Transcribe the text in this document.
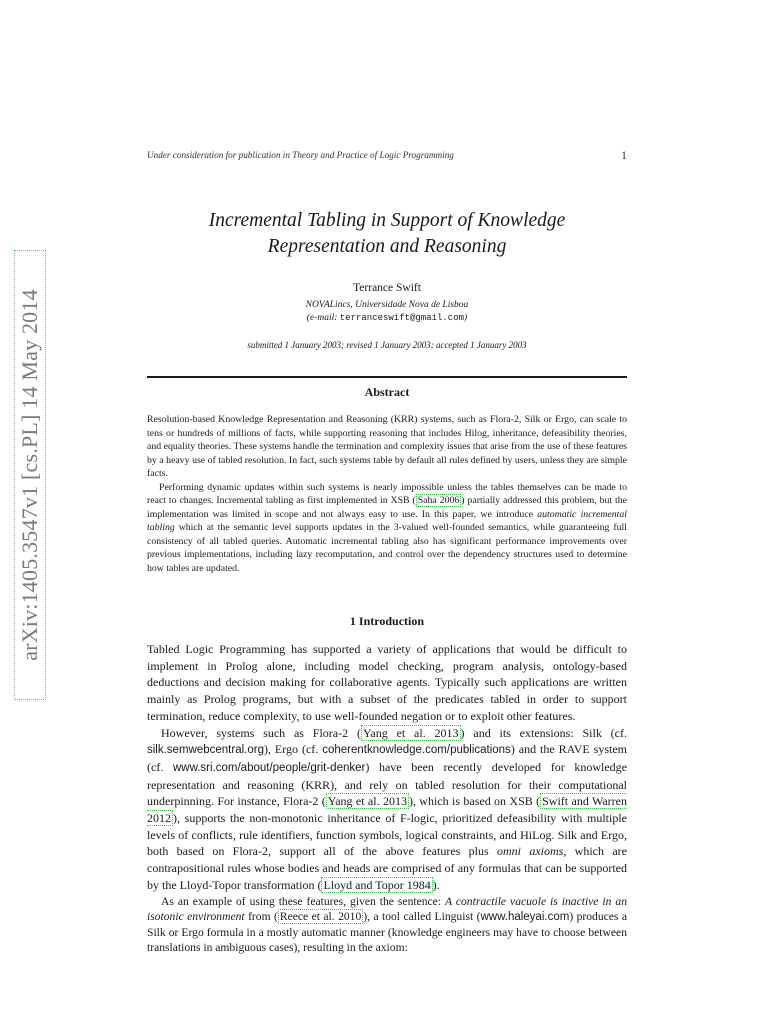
arXiv:1405.3547v1 [cs.PL] 14 May 2014
Under consideration for publication in Theory and Practice of Logic Programming	1
Incremental Tabling in Support of Knowledge
Representation and Reasoning
Terrance Swift
NOVALincs, Universidade Nova de Lisboa
(e-mail: terranceswift@gmail.com)
submitted 1 January 2003; revised 1 January 2003; accepted 1 January 2003
Abstract

Resolution-based Knowledge Representation and Reasoning (KRR) systems, such as Flora-2, Silk or Ergo, can scale to tens or hundreds of millions of facts, while supporting reasoning that includes Hilog, inheritance, defeasibility theories, and equality theories. These systems handle the termination and complexity issues that arise from the use of these features by a heavy use of tabled resolution. In fact, such systems table by default all rules defined by users, unless they are simple facts.

Performing dynamic updates within such systems is nearly impossible unless the tables themselves can be made to react to changes. Incremental tabling as first implemented in XSB ( Saha 2006 ) partially addressed this problem, but the implementation was limited in scope and not always easy to use. In this paper, we introduce automatic incremental tabling which at the semantic level supports updates in the 3-valued well-founded semantics, while guaranteeing full consistency of all tabled queries. Automatic incremental tabling also has significant performance improvements over previous implementations, including lazy recomputation, and control over the dependency structures used to determine how tables are updated.

1 Introduction

Tabled Logic Programming has supported a variety of applications that would be difficult to implement in Prolog alone, including model checking, program analysis, ontology-based deductions and decision making for collaborative agents. Typically such applications are written mainly as Prolog programs, but with a subset of the predicates tabled in order to support termination, reduce complexity, to use well-founded negation or to exploit other features.

However, systems such as Flora-2 ( Yang et al. 2013 ) and its extensions: Silk (cf. silk.semwebcentral.org), Ergo (cf. coherentknowledge.com/publications) and the RAVE system (cf. www.sri.com/about/people/grit-denker) have been recently developed for knowledge representation and reasoning (KRR), and rely on tabled resolution for their computational underpinning. For instance, Flora-2 ( Yang et al. 2013 ), which is based on XSB ( Swift and Warren 2012 ), supports the non-monotonic inheritance of F-logic, prioritized defeasibility with multiple levels of conflicts, rule identifiers, function symbols, logical constraints, and HiLog. Silk and Ergo, both based on Flora-2, support all of the above features plus omni axioms, which are contrapositional rules whose bodies and heads are comprised of any formulas that can be supported by the Lloyd-Topor transformation ( Lloyd and Topor 1984 ).

As an example of using these features, given the sentence: A contractile vacuole is inactive in an isotonic environment from ( Reece et al. 2010 ), a tool called Linguist (www.haleyai.com) produces a Silk or Ergo formula in a mostly automatic manner (knowledge engineers may have to choose between translations in ambiguous cases), resulting in the axiom:
